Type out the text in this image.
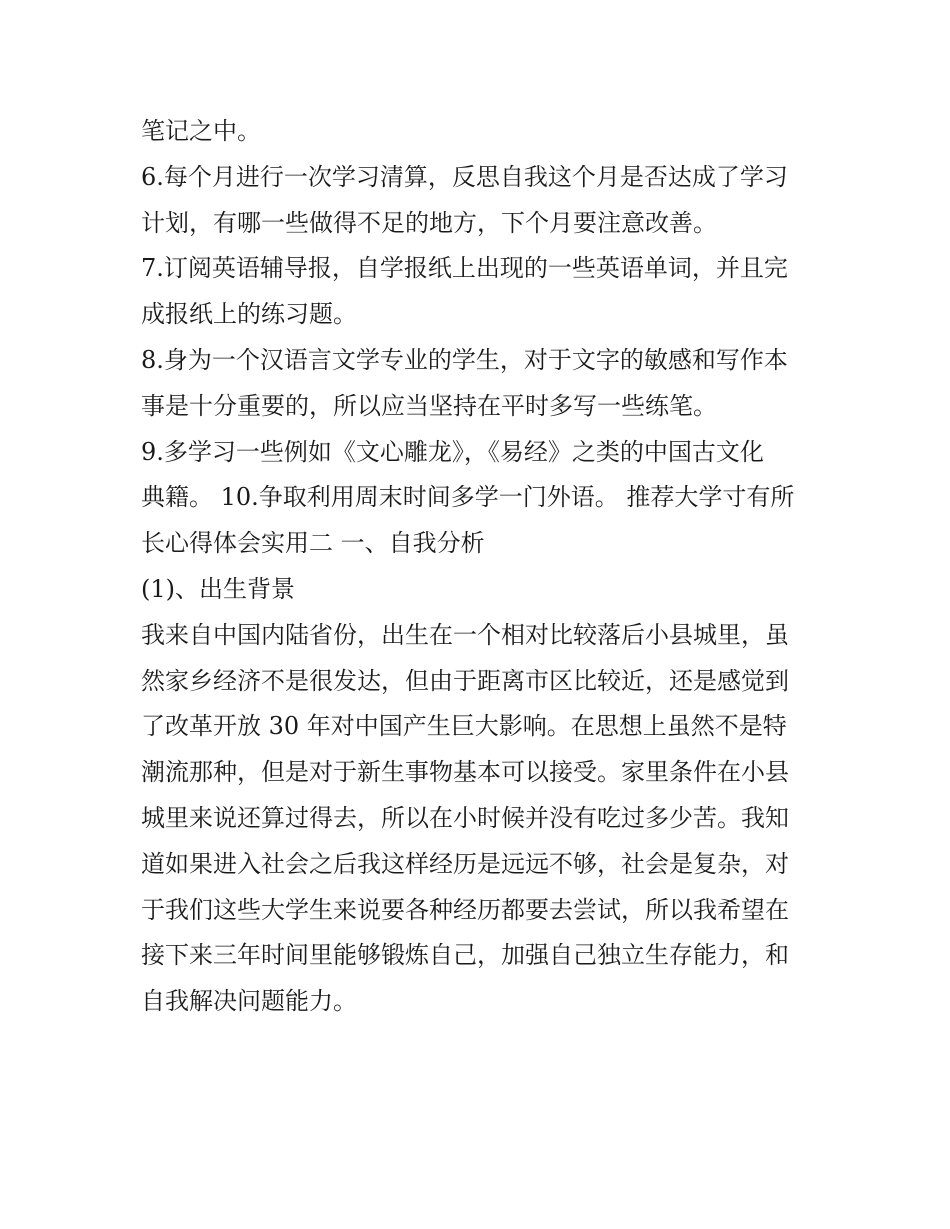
笔记之中。
6.每个月进行一次学习清算，反思自我这个月是否达成了学习
计划，有哪一些做得不足的地方，下个月要注意改善。
7.订阅英语辅导报，自学报纸上出现的一些英语单词，并且完
成报纸上的练习题。
8.身为一个汉语言文学专业的学生，对于文字的敏感和写作本
事是十分重要的，所以应当坚持在平时多写一些练笔。
9.多学习一些例如《文心雕龙》，《易经》之类的中国古文化
典籍。 10.争取利用周末时间多学一门外语。 推荐大学寸有所
长心得体会实用二 一、自我分析
(1)、出生背景
我来自中国内陆省份，出生在一个相对比较落后小县城里，虽
然家乡经济不是很发达，但由于距离市区比较近，还是感觉到
了改革开放 30 年对中国产生巨大影响。在思想上虽然不是特
潮流那种，但是对于新生事物基本可以接受。家里条件在小县
城里来说还算过得去，所以在小时候并没有吃过多少苦。我知
道如果进入社会之后我这样经历是远远不够，社会是复杂，对
于我们这些大学生来说要各种经历都要去尝试，所以我希望在
接下来三年时间里能够锻炼自己，加强自己独立生存能力，和
自我解决问题能力。
